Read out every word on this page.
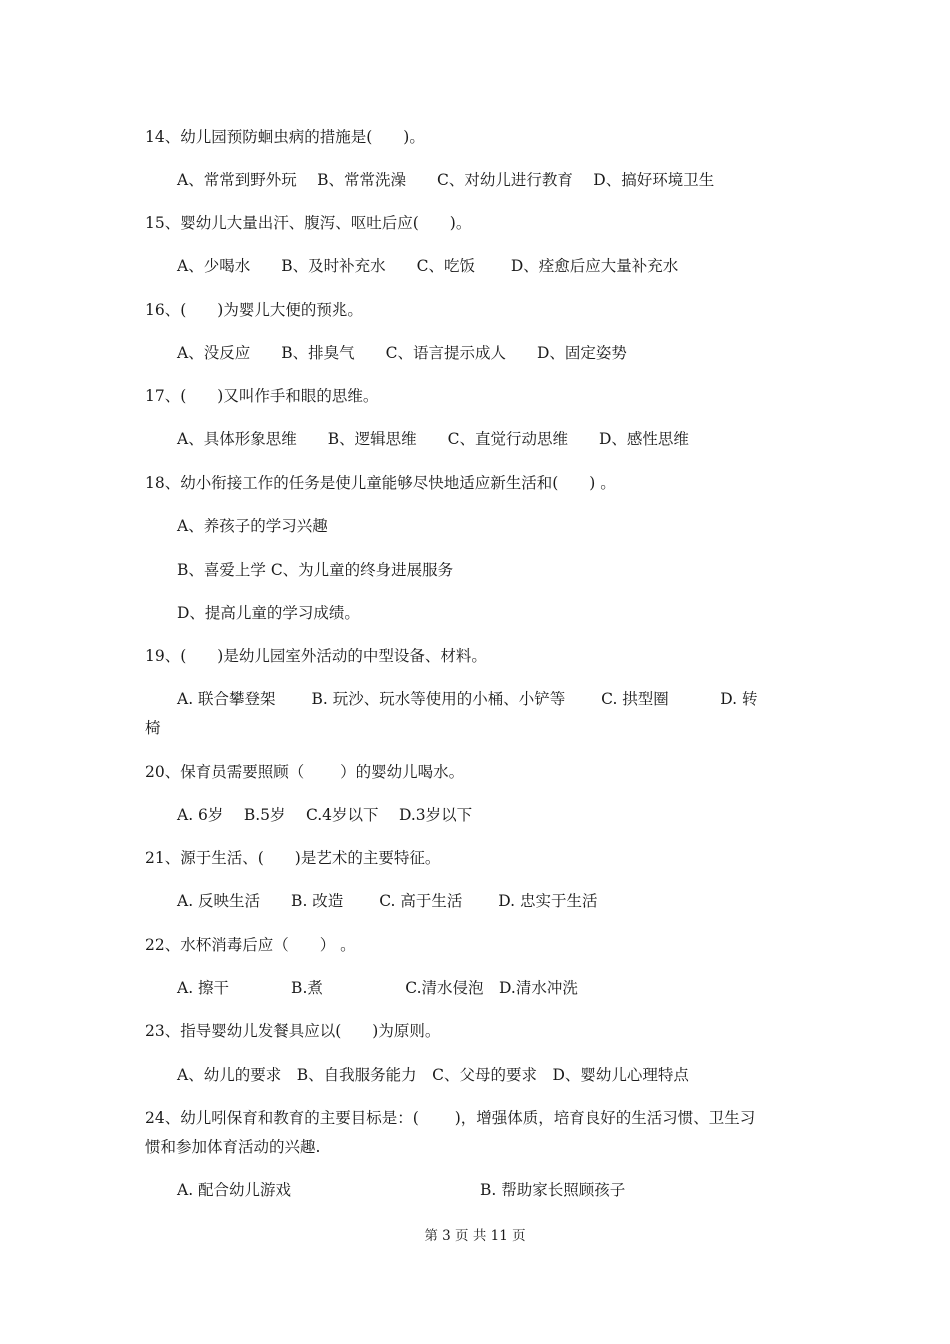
14、幼儿园预防蛔虫病的措施是(　　)。
A、常常到野外玩　 B、常常洗澡　　C、对幼儿进行教育　 D、搞好环境卫生
15、婴幼儿大量出汗、腹泻、呕吐后应(　　)。
A、少喝水　　B、及时补充水　　C、吃饭　　 D、痊愈后应大量补充水
16、(　　)为婴儿大便的预兆。
A、没反应　　B、排臭气　　C、语言提示成人　　D、固定姿势
17、(　　)又叫作手和眼的思维。
A、具体形象思维　　B、逻辑思维　　C、直觉行动思维　　D、感性思维
18、幼小衔接工作的任务是使儿童能够尽快地适应新生活和(　　) 。
A、养孩子的学习兴趣
B、喜爱上学 C、为儿童的终身进展服务
D、提高儿童的学习成绩。
19、(　　)是幼儿园室外活动的中型设备、材料。
A. 联合攀登架　　 B. 玩沙、玩水等使用的小桶、小铲等　　 C. 拱型圈　　　 D. 转
椅
20、保育员需要照顾（　　 ）的婴幼儿喝水。
A. 6岁　 B.5岁　 C.4岁以下　 D.3岁以下
21、源于生活、(　　)是艺术的主要特征。
A. 反映生活　　B. 改造　　 C. 高于生活　　 D. 忠实于生活
22、水杯消毒后应（　　） 。
A. 擦干　　　　B.煮　　　　　 C.清水侵泡　D.清水冲洗
23、指导婴幼儿发餐具应以(　　)为原则。
A、幼儿的要求　B、自我服务能力　C、父母的要求　D、婴幼儿心理特点
24、幼儿吲保育和教育的主要目标是：(　　 )，增强体质，培育良好的生活习惯、卫生习
惯和参加体育活动的兴趣.
A. 配合幼儿游戏	B. 帮助家长照顾孩子
第 3 页 共 11 页
